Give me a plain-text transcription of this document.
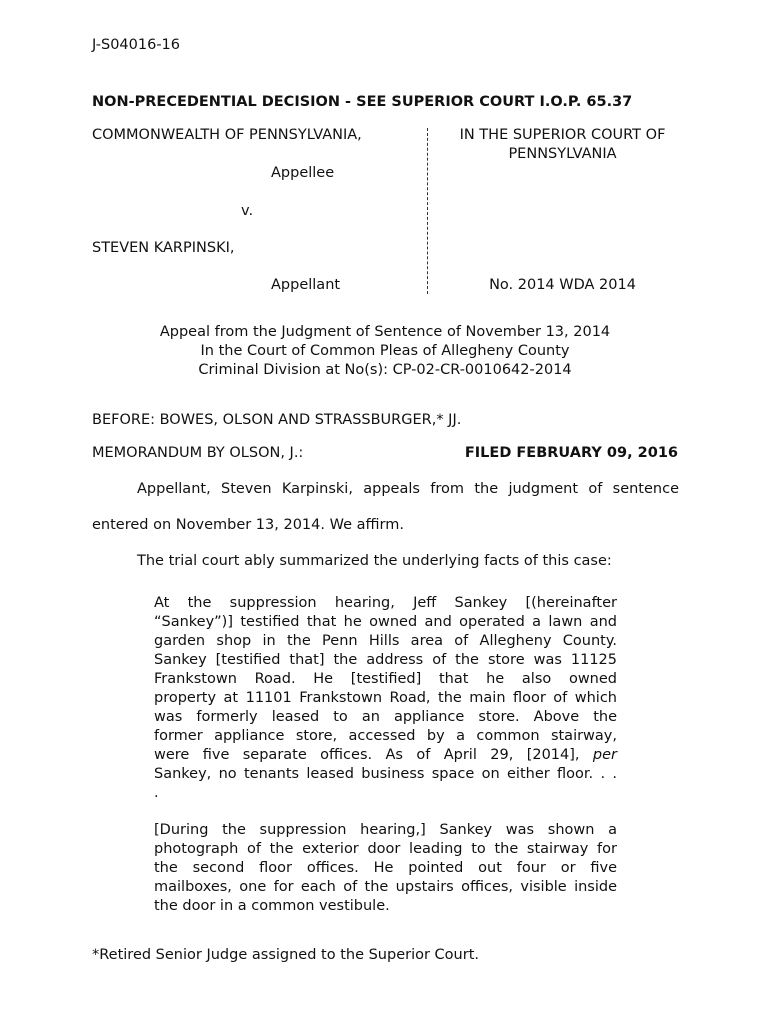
J-S04016-16
NON-PRECEDENTIAL DECISION - SEE SUPERIOR COURT I.O.P. 65.37
COMMONWEALTH OF PENNSYLVANIA,
Appellee
v.
STEVEN KARPINSKI,
Appellant
IN THE SUPERIOR COURT OF
PENNSYLVANIA
No. 2014 WDA 2014
Appeal from the Judgment of Sentence of November 13, 2014
In the Court of Common Pleas of Allegheny County
Criminal Division at No(s): CP-02-CR-0010642-2014
BEFORE: BOWES, OLSON AND STRASSBURGER,* JJ.
MEMORANDUM BY OLSON, J.:	FILED FEBRUARY 09, 2016
Appellant, Steven Karpinski, appeals from the judgment of sentence
entered on November 13, 2014. We affirm.
The trial court ably summarized the underlying facts of this case:
At the suppression hearing, Jeff Sankey [(hereinafter
“Sankey”)] testified that he owned and operated a lawn and
garden shop in the Penn Hills area of Allegheny County.
Sankey [testified that] the address of the store was 11125
Frankstown Road. He [testified] that he also owned
property at 11101 Frankstown Road, the main floor of which
was formerly leased to an appliance store. Above the
former appliance store, accessed by a common stairway,
were five separate offices. As of April 29, [2014], per
Sankey, no tenants leased business space on either floor. . .
.
[During the suppression hearing,] Sankey was shown a
photograph of the exterior door leading to the stairway for
the second floor offices. He pointed out four or five
mailboxes, one for each of the upstairs offices, visible inside
the door in a common vestibule.
*Retired Senior Judge assigned to the Superior Court.
